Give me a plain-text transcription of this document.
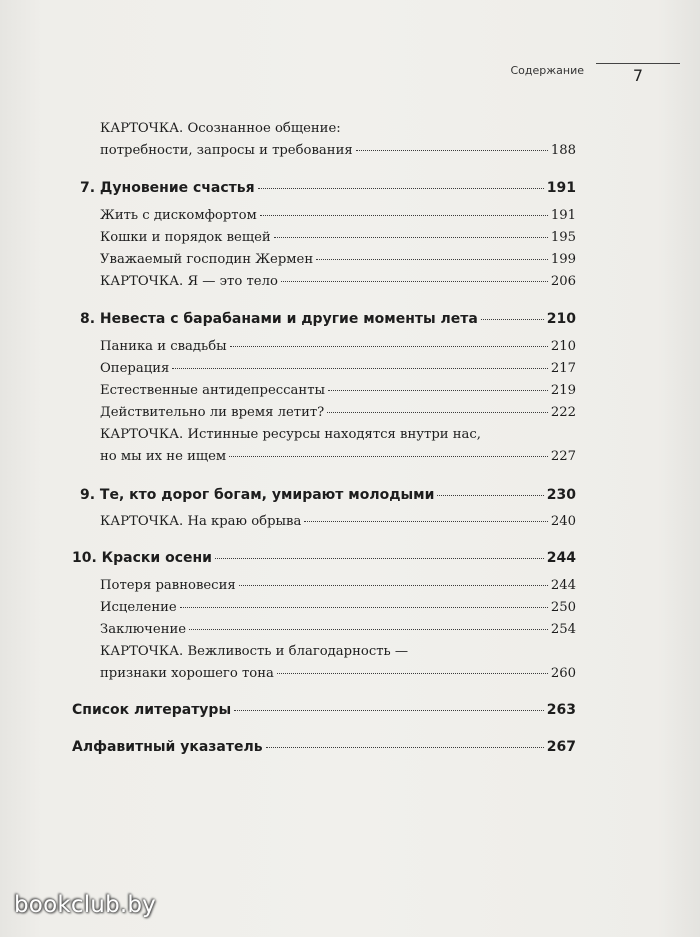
Содержание	7
КАРТОЧКА. Осознанное общение:
потребности, запросы и требования	188
7. Дуновение счастья	191
Жить с дискомфортом	191
Кошки и порядок вещей	195
Уважаемый господин Жермен	199
КАРТОЧКА. Я — это тело	206
8. Невеста с барабанами и другие моменты лета	210
Паника и свадьбы	210
Операция	217
Естественные антидепрессанты	219
Действительно ли время летит?	222
КАРТОЧКА. Истинные ресурсы находятся внутри нас,
но мы их не ищем	227
9. Те, кто дорог богам, умирают молодыми	230
КАРТОЧКА. На краю обрыва	240
10. Краски осени	244
Потеря равновесия	244
Исцеление	250
Заключение	254
КАРТОЧКА. Вежливость и благодарность —
признаки хорошего тона	260
Список литературы	263
Алфавитный указатель	267
bookclub.by
